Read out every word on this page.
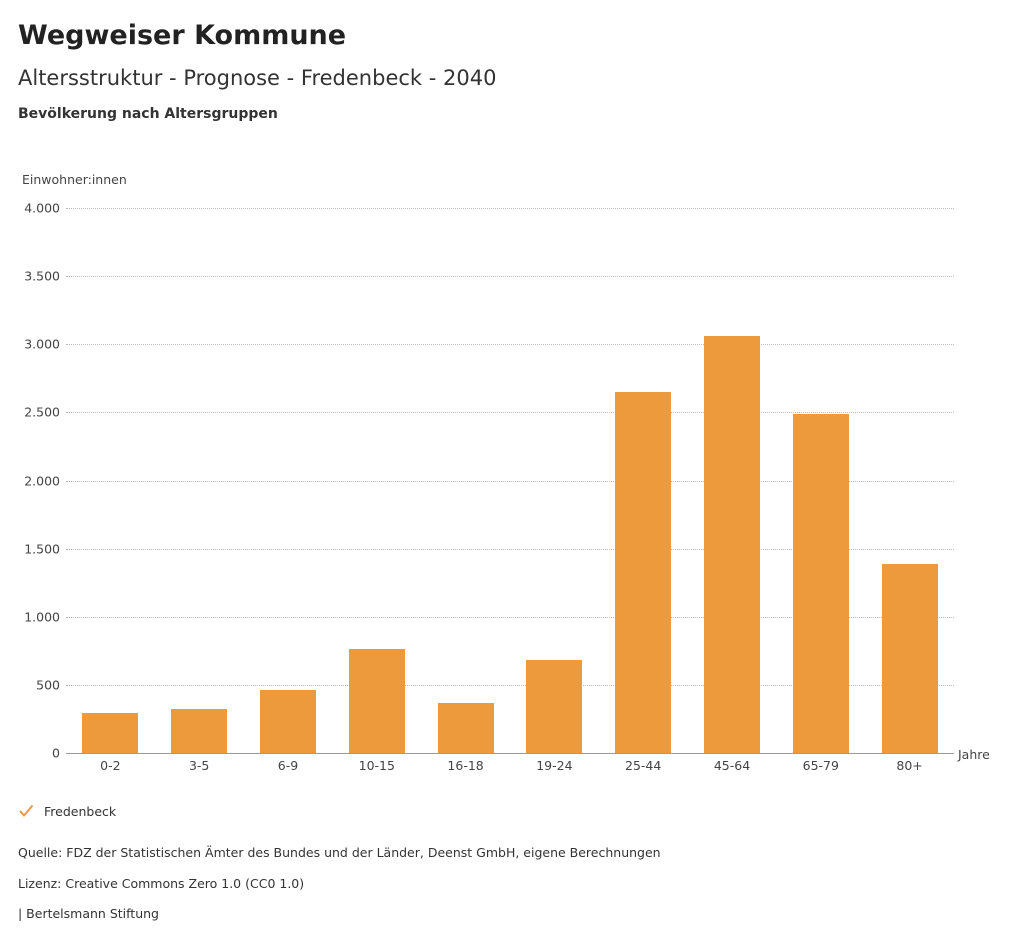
Wegweiser Kommune
Altersstruktur - Prognose - Fredenbeck - 2040
Bevölkerung nach Altersgruppen
Einwohner:innen
0
500
1.000
1.500
2.000
2.500
3.000
3.500
4.000
Jahre
Fredenbeck
Quelle: FDZ der Statistischen Ämter des Bundes und der Länder, Deenst GmbH, eigene Berechnungen
Lizenz: Creative Commons Zero 1.0 (CC0 1.0)
| Bertelsmann Stiftung
0-2	3-5	6-9	10-15	16-18	19-24	25-44	45-64	65-79	80+
